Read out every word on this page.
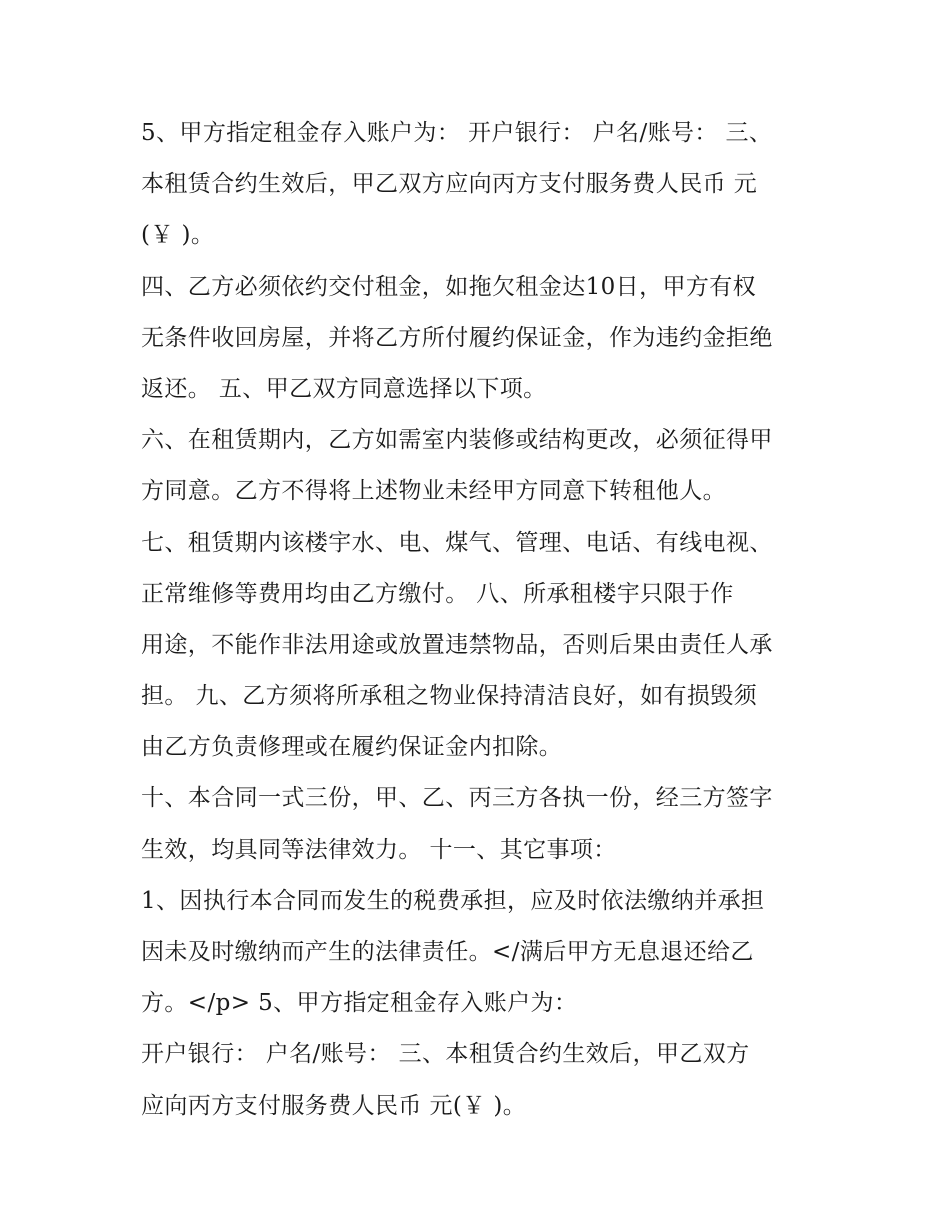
5、甲方指定租金存入账户为： 开户银行： 户名/账号： 三、
本租赁合约生效后，甲乙双方应向丙方支付服务费人民币 元
(￥ )。
四、乙方必须依约交付租金，如拖欠租金达10日，甲方有权
无条件收回房屋，并将乙方所付履约保证金，作为违约金拒绝
返还。 五、甲乙双方同意选择以下项。
六、在租赁期内，乙方如需室内装修或结构更改，必须征得甲
方同意。乙方不得将上述物业未经甲方同意下转租他人。
七、租赁期内该楼宇水、电、煤气、管理、电话、有线电视、
正常维修等费用均由乙方缴付。 八、所承租楼宇只限于作
用途，不能作非法用途或放置违禁物品，否则后果由责任人承
担。 九、乙方须将所承租之物业保持清洁良好，如有损毁须
由乙方负责修理或在履约保证金内扣除。
十、本合同一式三份，甲、乙、丙三方各执一份，经三方签字
生效，均具同等法律效力。 十一、其它事项：
1、因执行本合同而发生的税费承担，应及时依法缴纳并承担
因未及时缴纳而产生的法律责任。</满后甲方无息退还给乙
方。</p> 5、甲方指定租金存入账户为：
开户银行： 户名/账号： 三、本租赁合约生效后，甲乙双方
应向丙方支付服务费人民币 元(￥ )。
